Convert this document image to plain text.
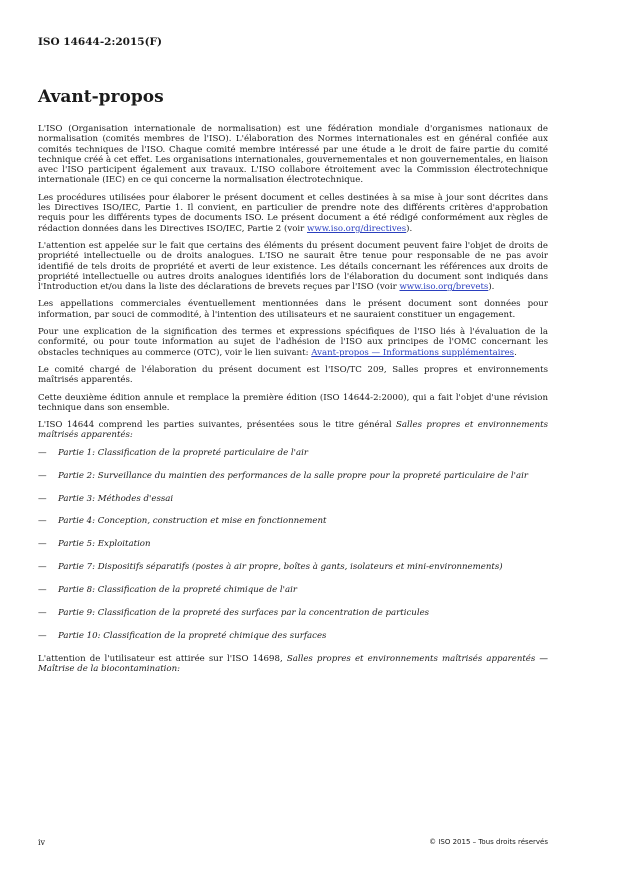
ISO 14644-2:2015(F)

Avant-propos

L'ISO (Organisation internationale de normalisation) est une fédération mondiale d'organismes nationaux de normalisation (comités membres de l'ISO). L'élaboration des Normes internationales est en général confiée aux comités techniques de l'ISO. Chaque comité membre intéressé par une étude a le droit de faire partie du comité technique créé à cet effet. Les organisations internationales, gouvernementales et non gouvernementales, en liaison avec l'ISO participent également aux travaux. L'ISO collabore étroitement avec la Commission électrotechnique internationale (IEC) en ce qui concerne la normalisation électrotechnique.

Les procédures utilisées pour élaborer le présent document et celles destinées à sa mise à jour sont décrites dans les Directives ISO/IEC, Partie 1. Il convient, en particulier de prendre note des différents critères d'approbation requis pour les différents types de documents ISO. Le présent document a été rédigé conformément aux règles de rédaction données dans les Directives ISO/IEC, Partie 2 (voir www.iso.org/directives).

L'attention est appelée sur le fait que certains des éléments du présent document peuvent faire l'objet de droits de propriété intellectuelle ou de droits analogues. L'ISO ne saurait être tenue pour responsable de ne pas avoir identifié de tels droits de propriété et averti de leur existence. Les détails concernant les références aux droits de propriété intellectuelle ou autres droits analogues identifiés lors de l'élaboration du document sont indiqués dans l'Introduction et/ou dans la liste des déclarations de brevets reçues par l'ISO (voir www.iso.org/brevets).

Les appellations commerciales éventuellement mentionnées dans le présent document sont données pour information, par souci de commodité, à l'intention des utilisateurs et ne sauraient constituer un engagement.

Pour une explication de la signification des termes et expressions spécifiques de l'ISO liés à l'évaluation de la conformité, ou pour toute information au sujet de l'adhésion de l'ISO aux principes de l'OMC concernant les obstacles techniques au commerce (OTC), voir le lien suivant: Avant-propos — Informations supplémentaires.

Le comité chargé de l'élaboration du présent document est l'ISO/TC 209, Salles propres et environnements maîtrisés apparentés.

Cette deuxième édition annule et remplace la première édition (ISO 14644-2:2000), qui a fait l'objet d'une révision technique dans son ensemble.

L'ISO 14644 comprend les parties suivantes, présentées sous le titre général Salles propres et environnements maîtrisés apparentés:

— Partie 1: Classification de la propreté particulaire de l'air
— Partie 2: Surveillance du maintien des performances de la salle propre pour la propreté particulaire de l'air
— Partie 3: Méthodes d'essai
— Partie 4: Conception, construction et mise en fonctionnement
— Partie 5: Exploitation
— Partie 7: Dispositifs séparatifs (postes à air propre, boîtes à gants, isolateurs et mini-environnements)
— Partie 8: Classification de la propreté chimique de l'air
— Partie 9: Classification de la propreté des surfaces par la concentration de particules
— Partie 10: Classification de la propreté chimique des surfaces

L'attention de l'utilisateur est attirée sur l'ISO 14698, Salles propres et environnements maîtrisés apparentés — Maîtrise de la biocontamination:

iv	© ISO 2015 – Tous droits réservés
